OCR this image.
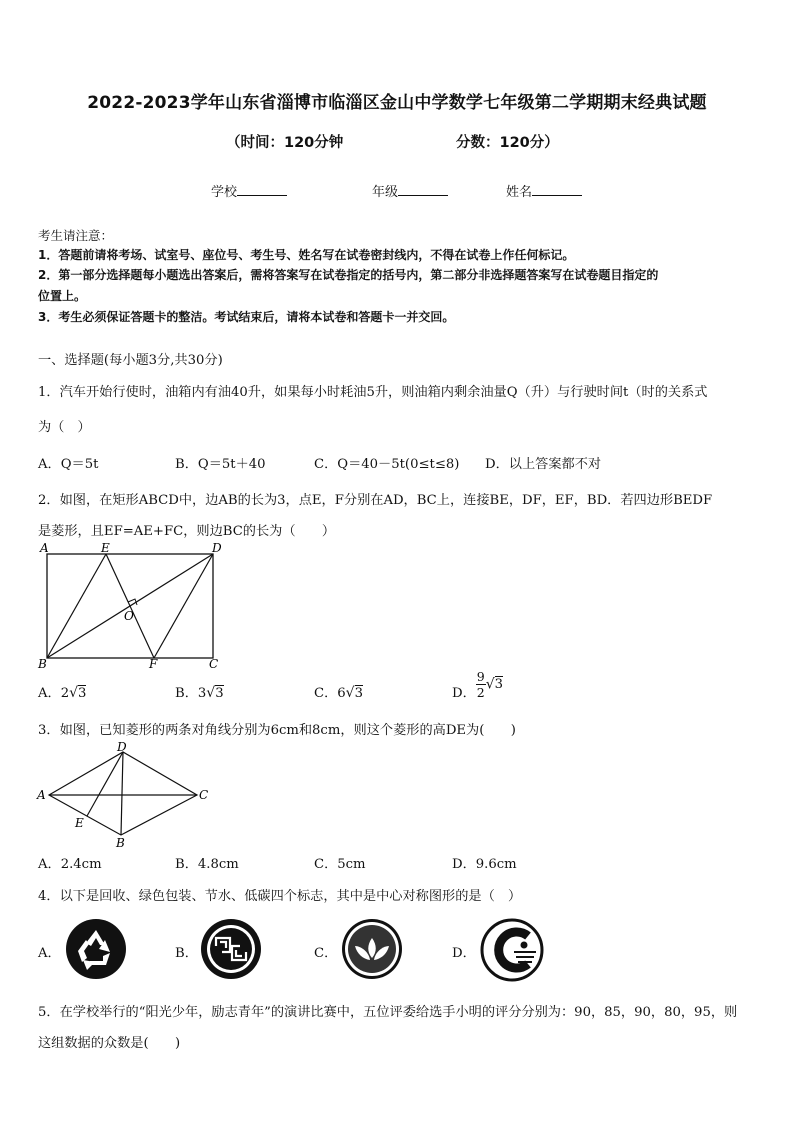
2022-2023学年山东省淄博市临淄区金山中学数学七年级第二学期期末经典试题
（时间：120分钟	分数：120分）
学校	年级	姓名
考生请注意：
1．答题前请将考场、试室号、座位号、考生号、姓名写在试卷密封线内，不得在试卷上作任何标记。
2．第一部分选择题每小题选出答案后，需将答案写在试卷指定的括号内，第二部分非选择题答案写在试卷题目指定的
位置上。
3．考生必须保证答题卡的整洁。考试结束后，请将本试卷和答题卡一并交回。
一、选择题(每小题3分,共30分)
1．汽车开始行使时，油箱内有油40升，如果每小时耗油5升，则油箱内剩余油量Q（升）与行驶时间t（时的关系式
为（　）
A．Q＝5t	B．Q＝5t＋40	C．Q＝40－5t(0≤t≤8) D．以上答案都不对
2．如图，在矩形ABCD中，边AB的长为3，点E，F分别在AD，BC上，连接BE，DF，EF，BD．若四边形BEDF
是菱形，且EF=AE+FC，则边BC的长为（　　）
A	E	D
O
B	F	C
A．2√3	B．3√3	C．6√3	D． $\frac{9}{2} √3$
3．如图，已知菱形的两条对角线分别为6cm和8cm，则这个菱形的高DE为(　　)
D
A	C
E
B
A．2.4cm	B．4.8cm	C．5cm	D．9.6cm
4．以下是回收、绿色包装、节水、低碳四个标志，其中是中心对称图形的是（　）
A．	B．	C．	D．
5．在学校举行的“阳光少年，励志青年”的演讲比赛中，五位评委给选手小明的评分分别为：90，85，90，80，95，则
这组数据的众数是(　　)
